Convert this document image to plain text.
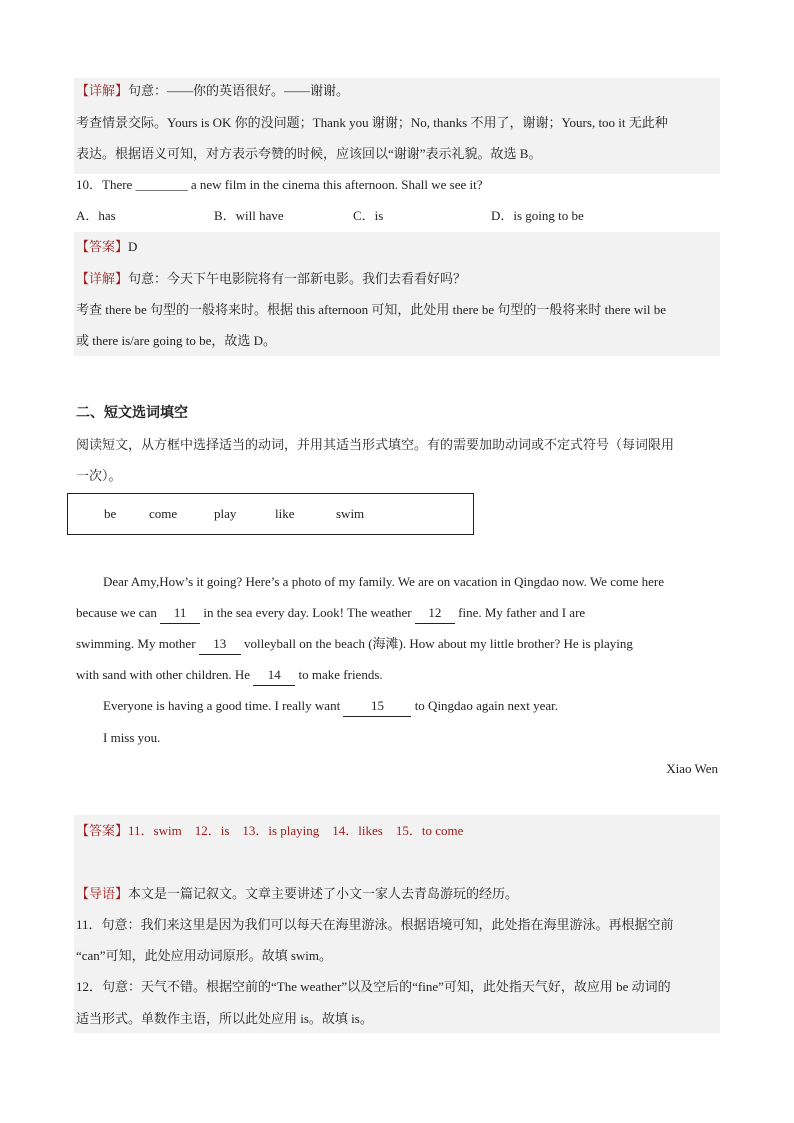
【详解】句意：——你的英语很好。——谢谢。
考查情景交际。Yours is OK 你的没问题；Thank you 谢谢；No, thanks 不用了，谢谢；Yours, too it 无此种
表达。根据语义可知，对方表示夸赞的时候，应该回以“谢谢”表示礼貌。故选 B。
10．There ________ a new film in the cinema this afternoon. Shall we see it?
A．has	B．will have	C．is	D．is going to be
【答案】D
【详解】句意：今天下午电影院将有一部新电影。我们去看看好吗？
考查 there be 句型的一般将来时。根据 this afternoon 可知，此处用 there be 句型的一般将来时 there wil be
或 there is/are going to be，故选 D。
二、短文选词填空
阅读短文，从方框中选择适当的动词，并用其适当形式填空。有的需要加助动词或不定式符号（每词限用
一次）。
be	come	play	like	swim
Dear Amy,How’s it going? Here’s a photo of my family. We are on vacation in Qingdao now. We come here
because we can 11 in the sea every day. Look! The weather 12 fine. My father and I are
swimming. My mother 13 volleyball on the beach (海滩). How about my little brother? He is playing
with sand with other children. He 14 to make friends.
Everyone is having a good time. I really want 15 to Qingdao again next year.
I miss you.
Xiao Wen
【答案】11．swim    12．is    13．is playing    14．likes    15．to come
【导语】本文是一篇记叙文。文章主要讲述了小文一家人去青岛游玩的经历。
11．句意：我们来这里是因为我们可以每天在海里游泳。根据语境可知，此处指在海里游泳。再根据空前
“can”可知，此处应用动词原形。故填 swim。
12．句意：天气不错。根据空前的“The weather”以及空后的“fine”可知，此处指天气好，故应用 be 动词的
适当形式。单数作主语，所以此处应用 is。故填 is。
